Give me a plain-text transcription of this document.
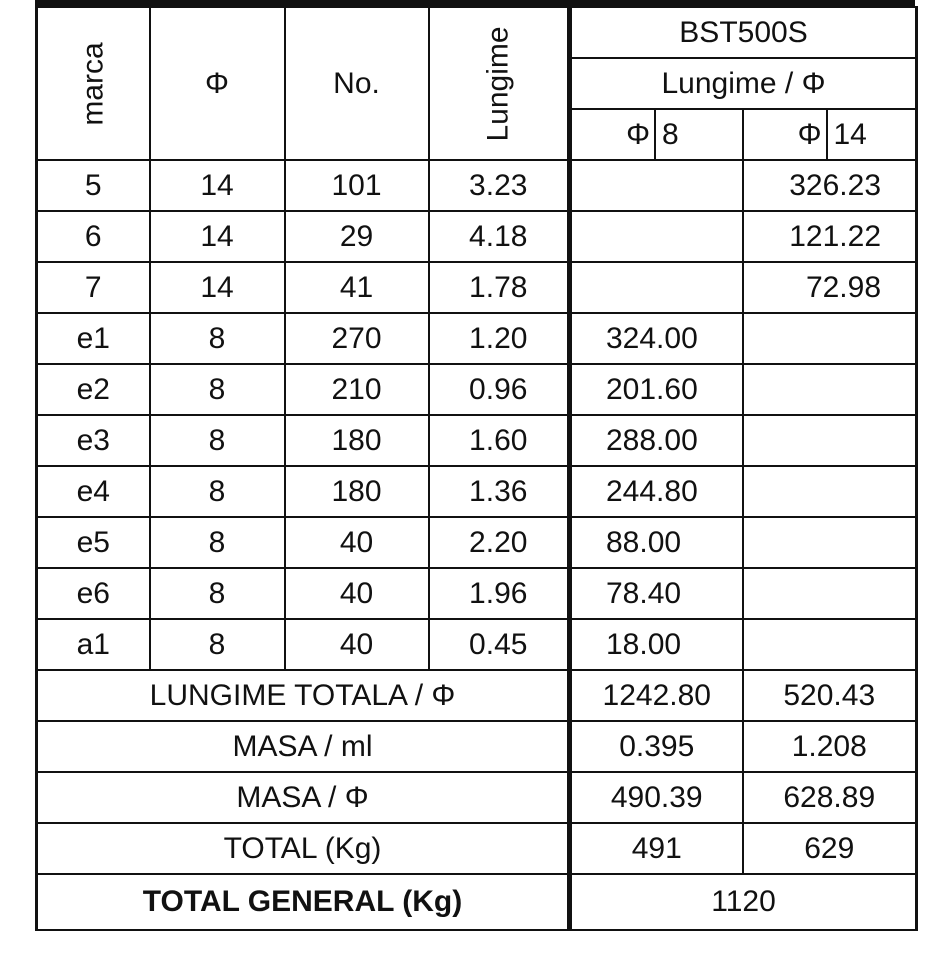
marca	Φ	No.	Lungime	BST500S	
				Lungime / Φ	

Φ 8	Φ 14

5	14	101	3.23		326.23
6	14	29	4.18		121.22
7	14	41	1.78		72.98
e1	8	270	1.20	324.00	
e2	8	210	0.96	201.60	
e3	8	180	1.60	288.00	
e4	8	180	1.36	244.80	
e5	8	40	2.20	88.00	
e6	8	40	1.96	78.40	
a1	8	40	0.45	18.00	
LUNGIME TOTALA / Φ				1242.80	520.43
MASA / ml				0.395	1.208
MASA / Φ				490.39	628.89
TOTAL (Kg)				491	629
TOTAL GENERAL (Kg)				1120	
